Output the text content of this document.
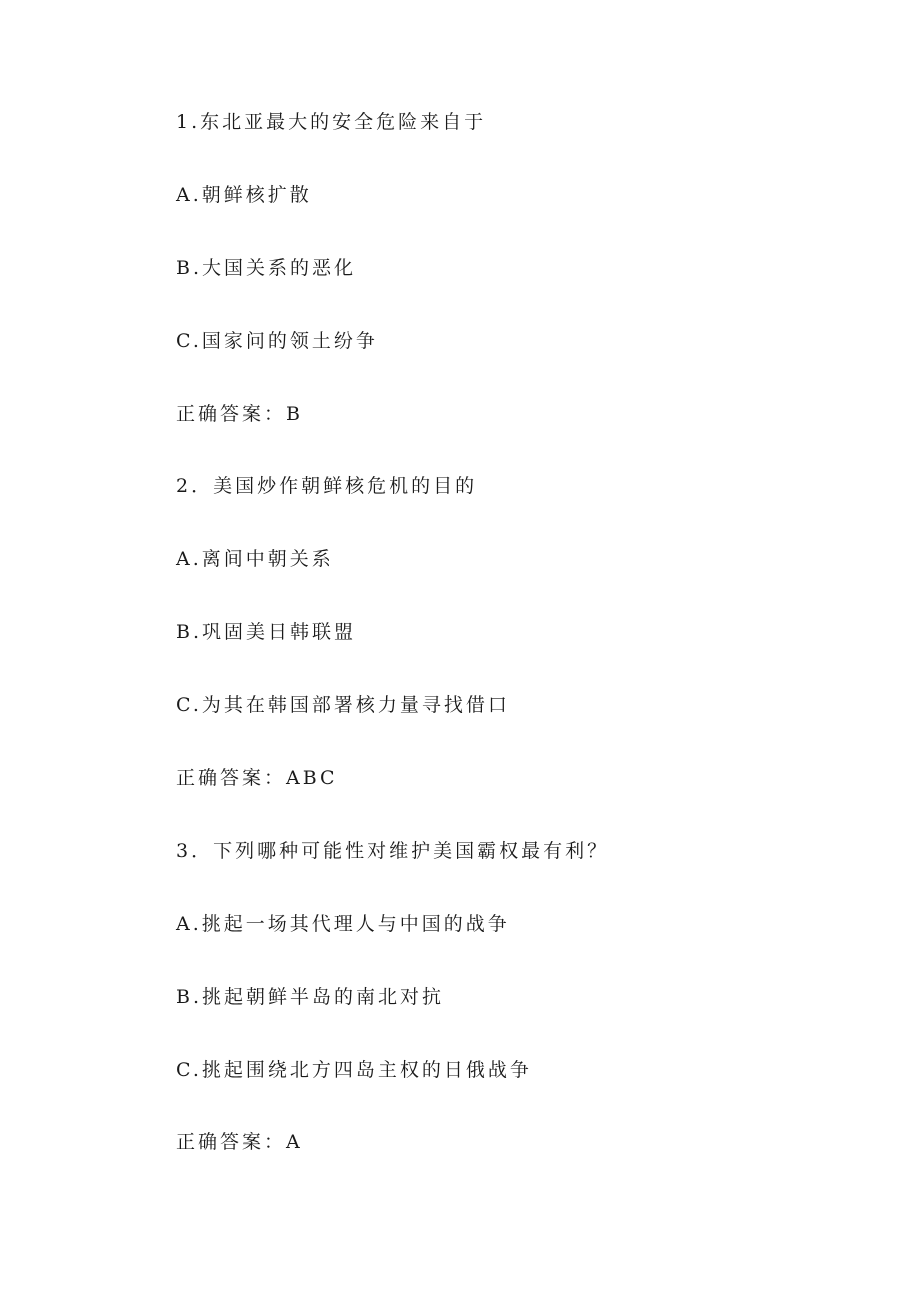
1.东北亚最大的安全危险来自于
A.朝鲜核扩散
B.大国关系的恶化
C.国家问的领土纷争
正确答案：B
2．美国炒作朝鲜核危机的目的
A.离间中朝关系
B.巩固美日韩联盟
C.为其在韩国部署核力量寻找借口
正确答案：ABC
3．下列哪种可能性对维护美国霸权最有利？
A.挑起一场其代理人与中国的战争
B.挑起朝鲜半岛的南北对抗
C.挑起围绕北方四岛主权的日俄战争
正确答案：A
